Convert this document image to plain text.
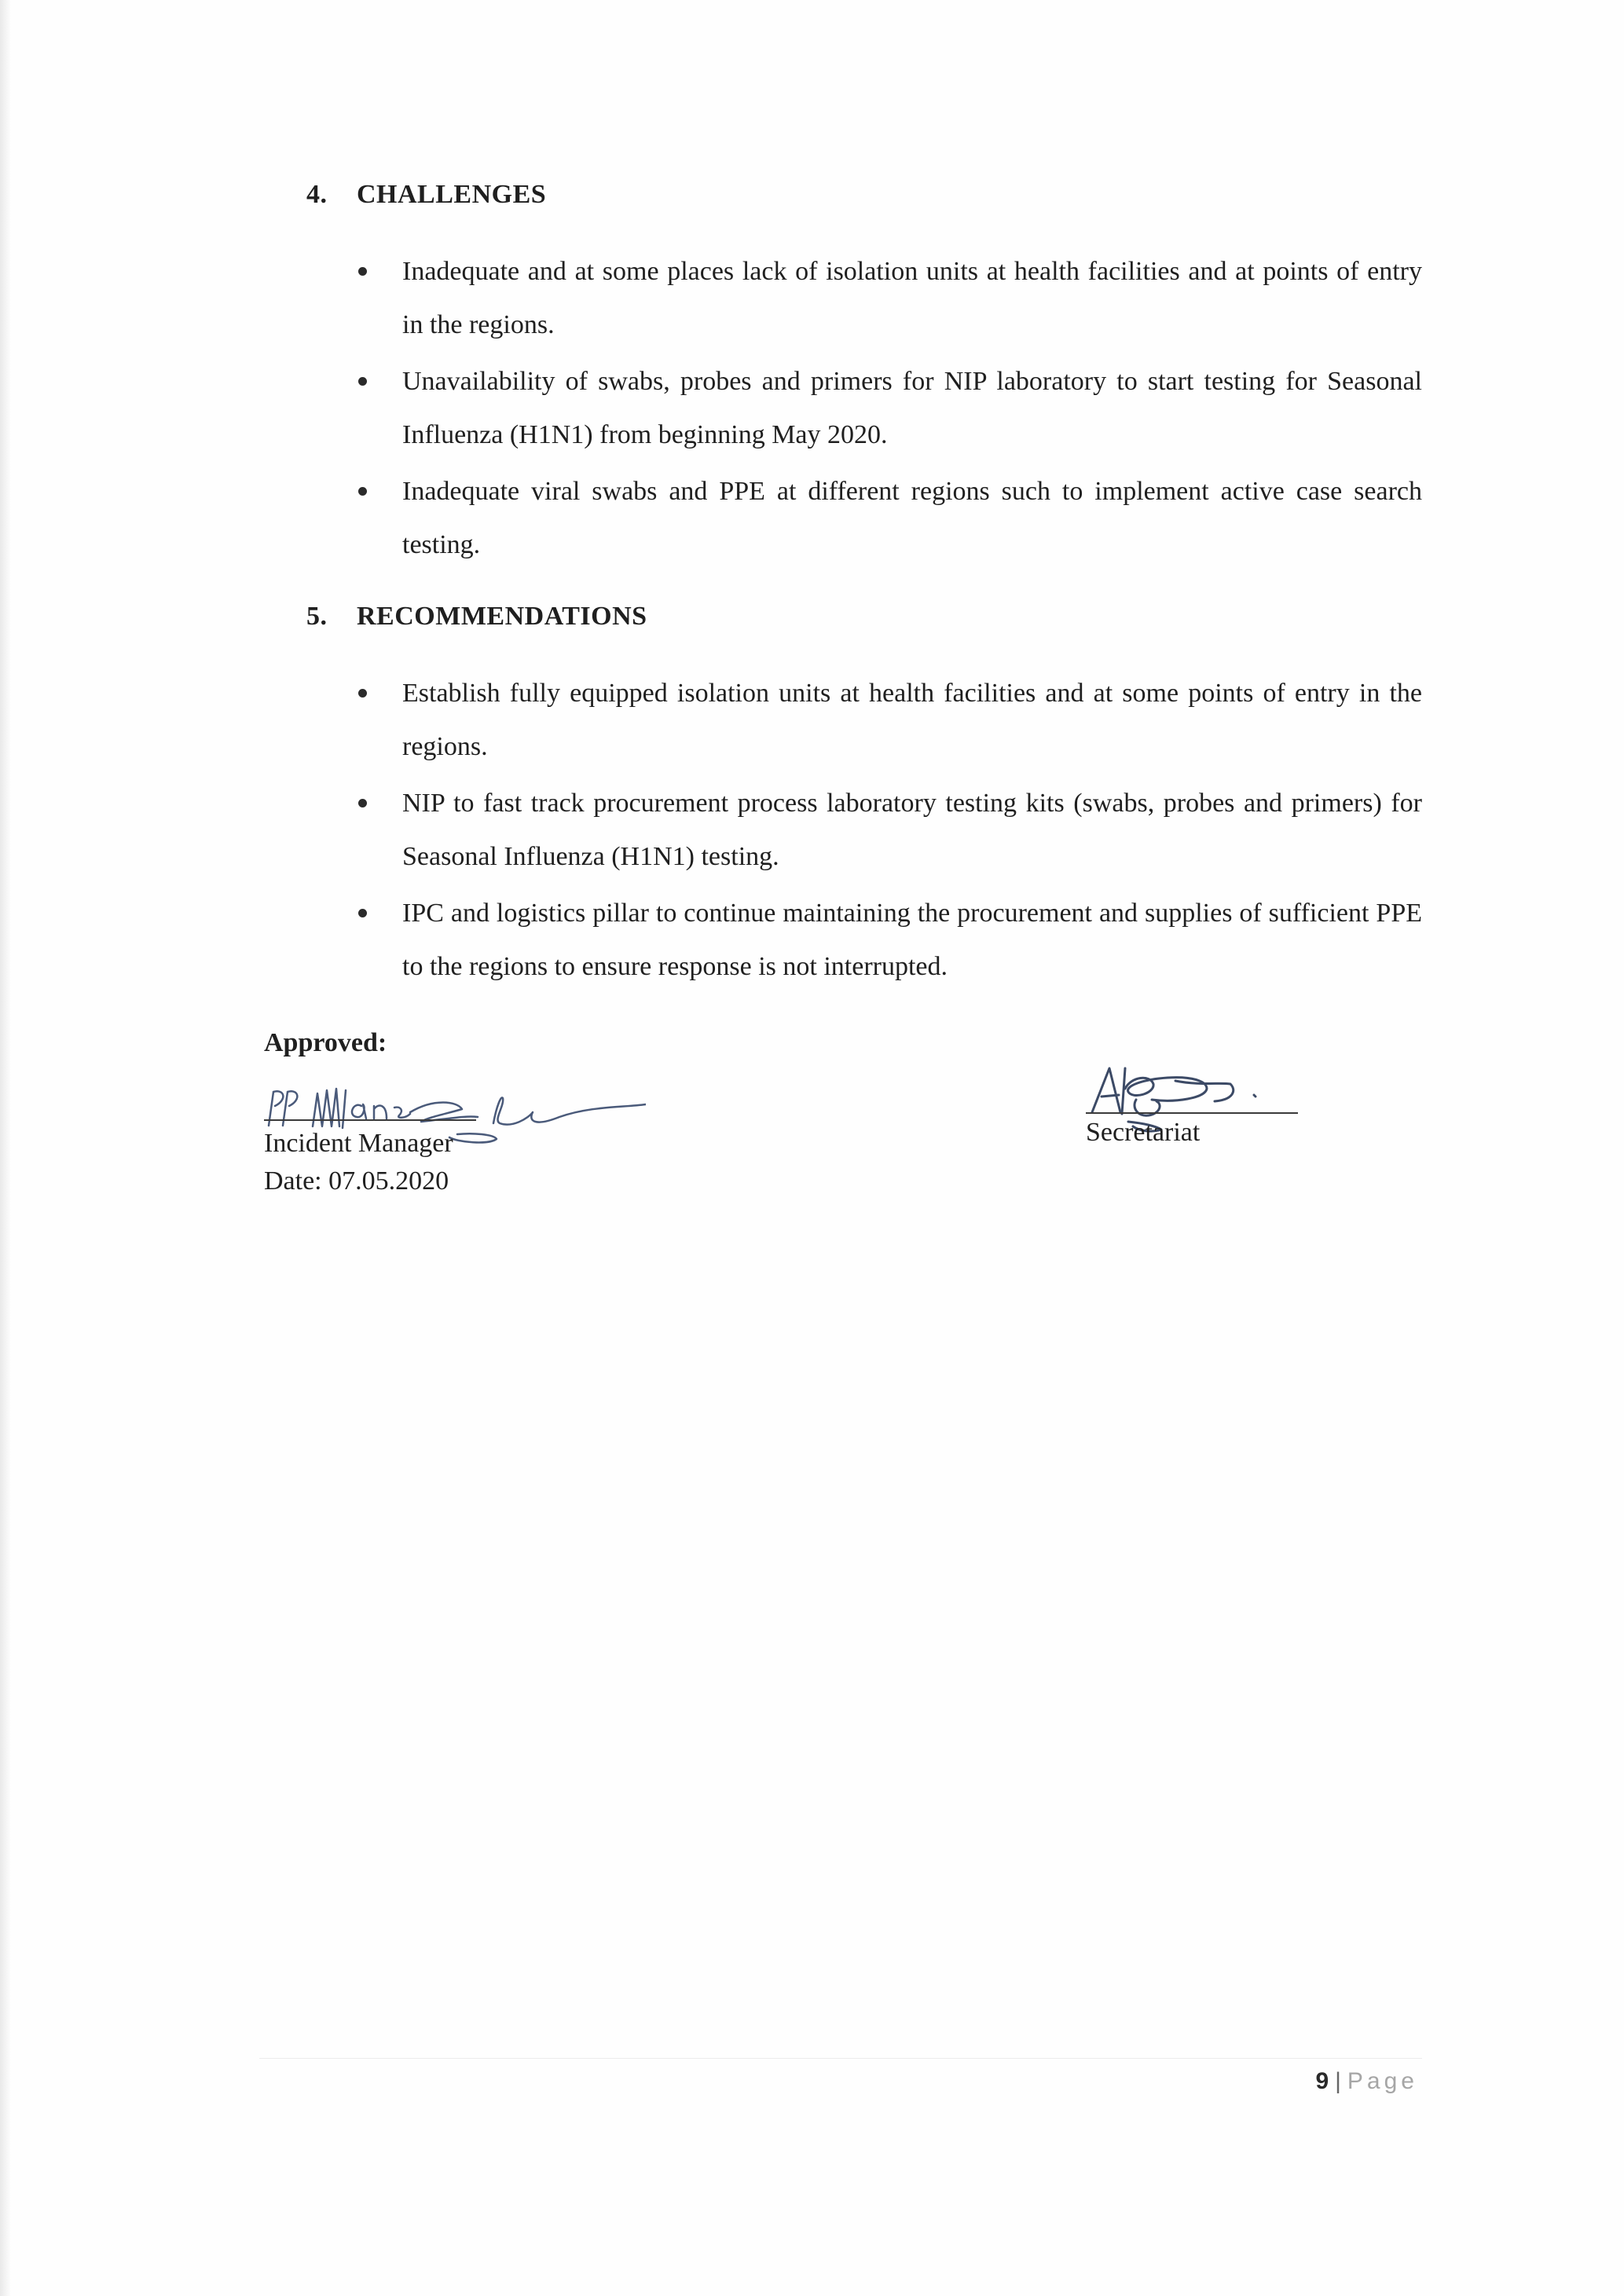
4.	CHALLENGES
Inadequate and at some places lack of isolation units at health facilities and at points of entry in the regions.
Unavailability of swabs, probes and primers for NIP laboratory to start testing for Seasonal Influenza (H1N1) from beginning May 2020.
Inadequate viral swabs and PPE at different regions such to implement active case search testing.
5.	RECOMMENDATIONS
Establish fully equipped isolation units at health facilities and at some points of entry in the regions.
NIP to fast track procurement process laboratory testing kits (swabs, probes and primers) for Seasonal Influenza (H1N1) testing.
IPC and logistics pillar to continue maintaining the procurement and supplies of sufficient PPE to the regions to ensure response is not interrupted.

Approved:

Incident Manager
Date: 07.05.2020
Secretariat
9 | Page
